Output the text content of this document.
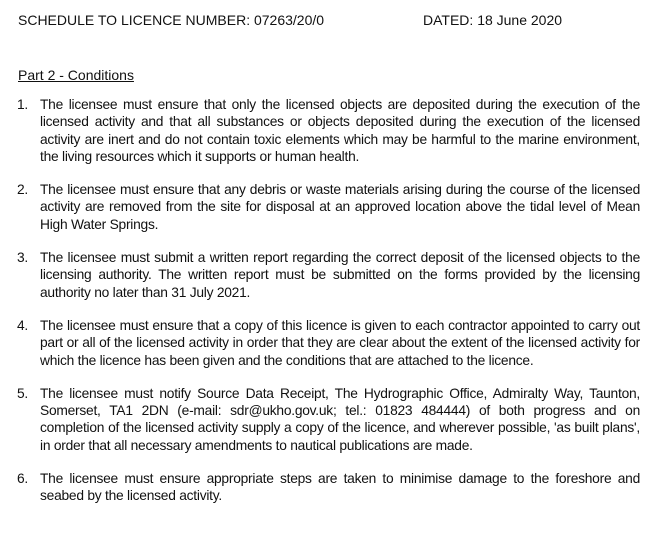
SCHEDULE TO LICENCE NUMBER: 07263/20/0	DATED: 18 June 2020
Part 2 - Conditions
1. The licensee must ensure that only the licensed objects are deposited during the execution of the licensed activity and that all substances or objects deposited during the execution of the licensed activity are inert and do not contain toxic elements which may be harmful to the marine environment, the living resources which it supports or human health.
2. The licensee must ensure that any debris or waste materials arising during the course of the licensed activity are removed from the site for disposal at an approved location above the tidal level of Mean High Water Springs.
3. The licensee must submit a written report regarding the correct deposit of the licensed objects to the licensing authority. The written report must be submitted on the forms provided by the licensing authority no later than 31 July 2021.
4. The licensee must ensure that a copy of this licence is given to each contractor appointed to carry out part or all of the licensed activity in order that they are clear about the extent of the licensed activity for which the licence has been given and the conditions that are attached to the licence.
5. The licensee must notify Source Data Receipt, The Hydrographic Office, Admiralty Way, Taunton, Somerset, TA1 2DN (e-mail: sdr@ukho.gov.uk; tel.: 01823 484444) of both progress and on completion of the licensed activity supply a copy of the licence, and wherever possible, 'as built plans', in order that all necessary amendments to nautical publications are made.
6. The licensee must ensure appropriate steps are taken to minimise damage to the foreshore and seabed by the licensed activity.
